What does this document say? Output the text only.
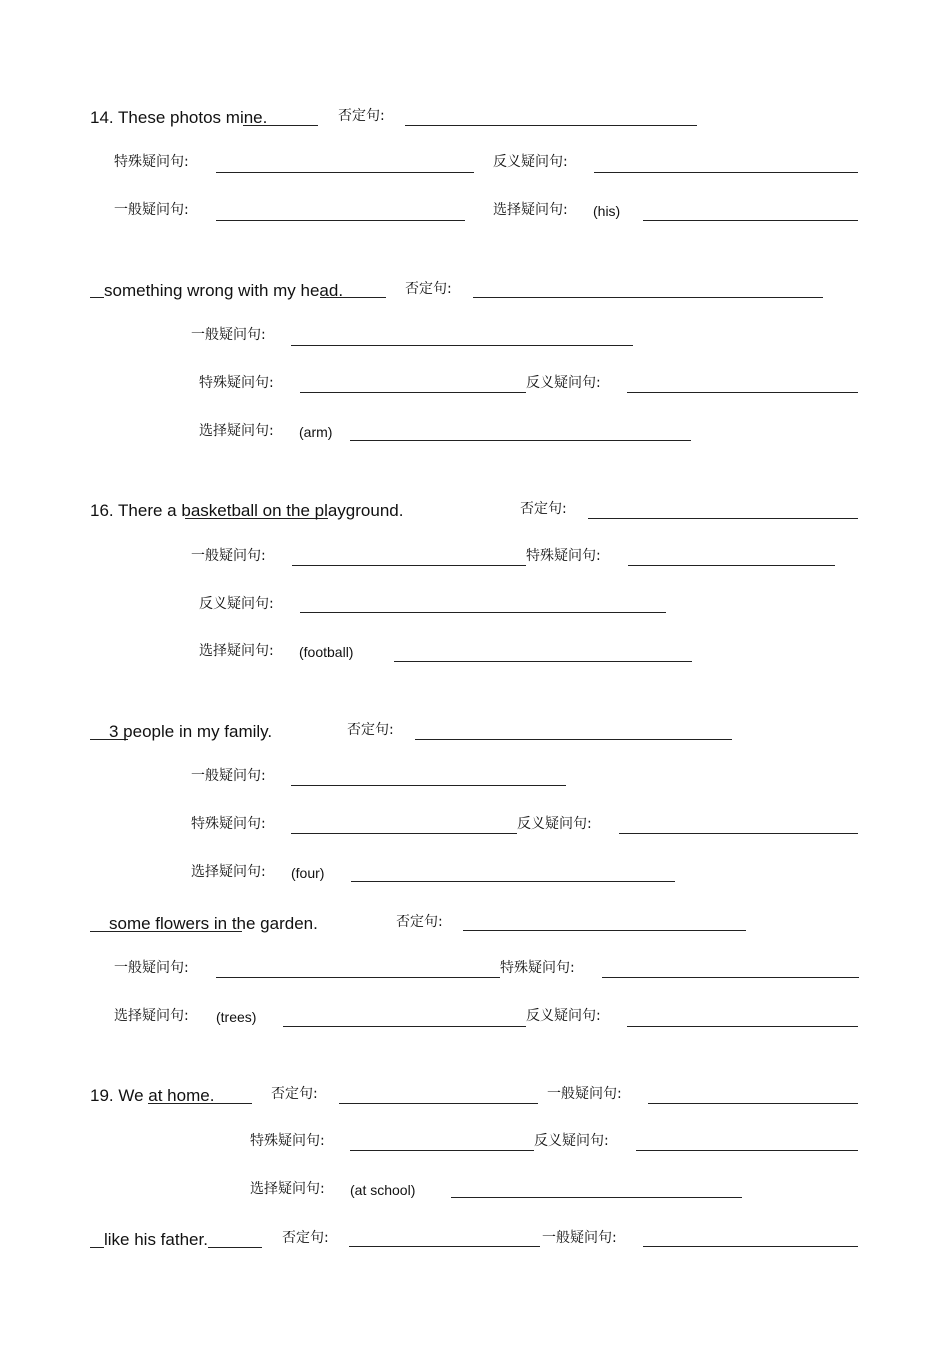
14. These photos mine.	否定句:
特殊疑问句:	反义疑问句:
一般疑问句:	选择疑问句: (his)
something wrong with my head.	否定句:
一般疑问句:
特殊疑问句:	反义疑问句:
选择疑问句: (arm)
16. There a basketball on the playground.	否定句:
一般疑问句:	特殊疑问句:
反义疑问句:
选择疑问句: (football)
3 people in my family.	否定句:
一般疑问句:
特殊疑问句:	反义疑问句:
选择疑问句: (four)
some flowers in the garden.	否定句:
一般疑问句:	特殊疑问句:
选择疑问句: (trees)	反义疑问句:
19. We at home.	否定句:	一般疑问句:
特殊疑问句:	反义疑问句:
选择疑问句: (at school)
like his father.	否定句:	一般疑问句:
